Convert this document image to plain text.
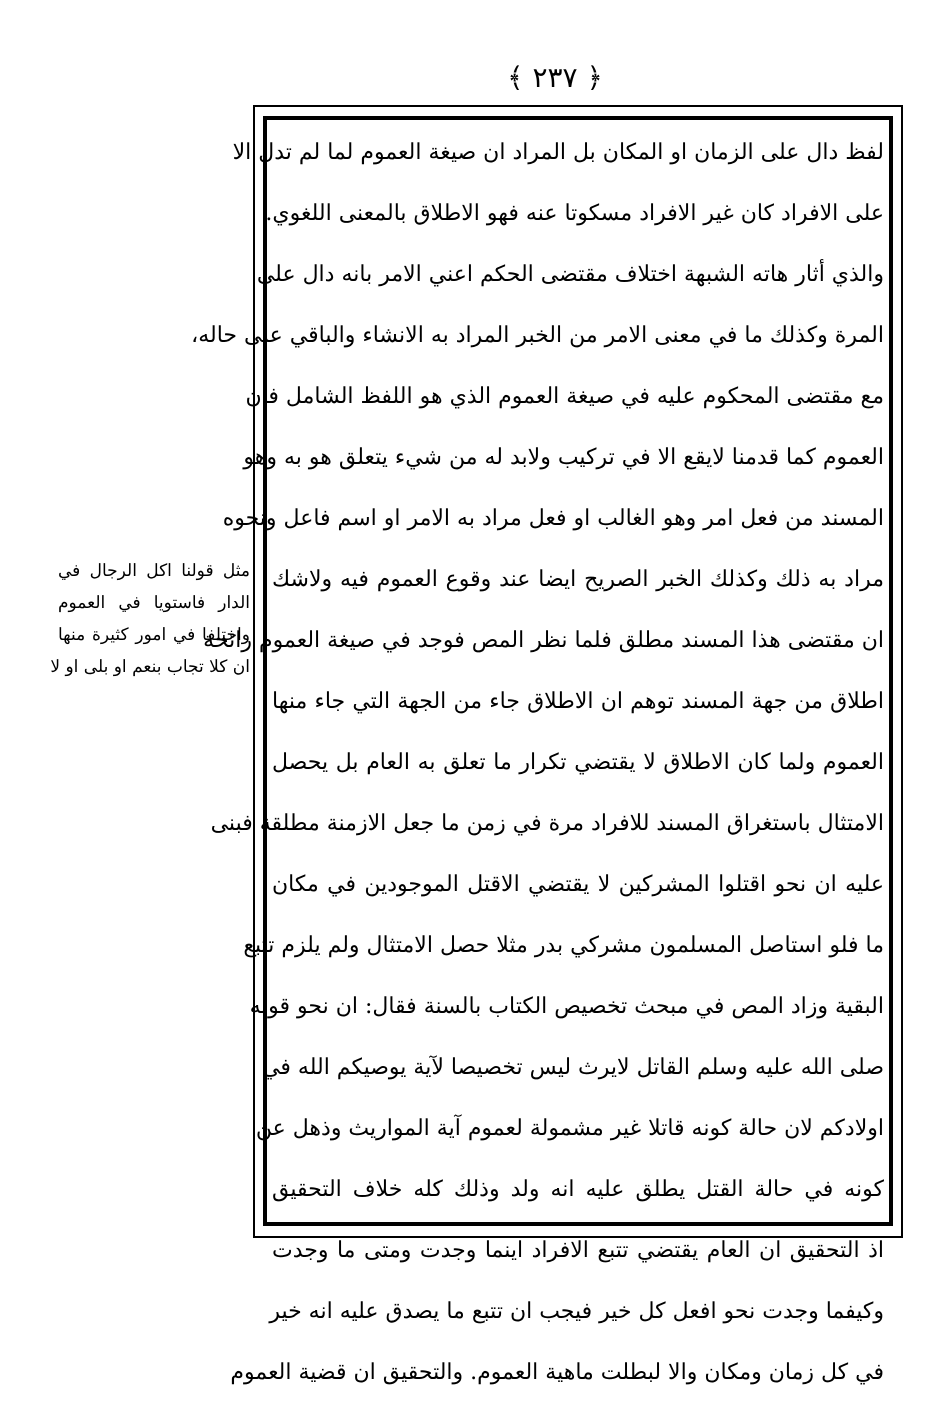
﴿ ٢٣٧ ﴾
لفظ دال على الزمان او المكان بل المراد ان صيغة العموم لما لم تدل الا
على الافراد كان غير الافراد مسكوتا عنه فهو الاطلاق بالمعنى اللغوي.
والذي أثار هاته الشبهة اختلاف مقتضى الحكم اعني الامر بانه دال على
المرة وكذلك ما في معنى الامر من الخبر المراد به الانشاء والباقي على حاله،
مع مقتضى المحكوم عليه في صيغة العموم الذي هو اللفظ الشامل فان
العموم كما قدمنا لايقع الا في تركيب ولابد له من شيء يتعلق هو به وهو
المسند من فعل امر وهو الغالب او فعل مراد به الامر او اسم فاعل ونحوه
مراد به ذلك وكذلك الخبر الصريح ايضا عند وقوع العموم فيه ولاشك
ان مقتضى هذا المسند مطلق فلما نظر المص فوجد في صيغة العموم رائحة
اطلاق من جهة المسند توهم ان الاطلاق جاء من الجهة التي جاء منها
العموم ولما كان الاطلاق لا يقتضي تكرار ما تعلق به العام بل يحصل
الامتثال باستغراق المسند للافراد مرة في زمن ما جعل الازمنة مطلقة فبنى
عليه ان نحو اقتلوا المشركين لا يقتضي الاقتل الموجودين في مكان
ما فلو استاصل المسلمون مشركي بدر مثلا حصل الامتثال ولم يلزم تتبع
البقية وزاد المص في مبحث تخصيص الكتاب بالسنة فقال: ان نحو قوله
صلى الله عليه وسلم القاتل لايرث ليس تخصيصا لآية يوصيكم الله في
اولادكم لان حالة كونه قاتلا غير مشمولة لعموم آية المواريث وذهل عن
كونه في حالة القتل يطلق عليه انه ولد وذلك كله خلاف التحقيق
اذ التحقيق ان العام يقتضي تتبع الافراد اينما وجدت ومتى ما وجدت
وكيفما وجدت نحو افعل كل خير فيجب ان تتبع ما يصدق عليه انه خير
في كل زمان ومكان والا لبطلت ماهية العموم. والتحقيق ان قضية العموم
مثل قولنا اكل الرجال في
الدار فاستويا في العموم
واختلفا في امور كثيرة منها
ان كلا تجاب بنعم او بلى او لا
